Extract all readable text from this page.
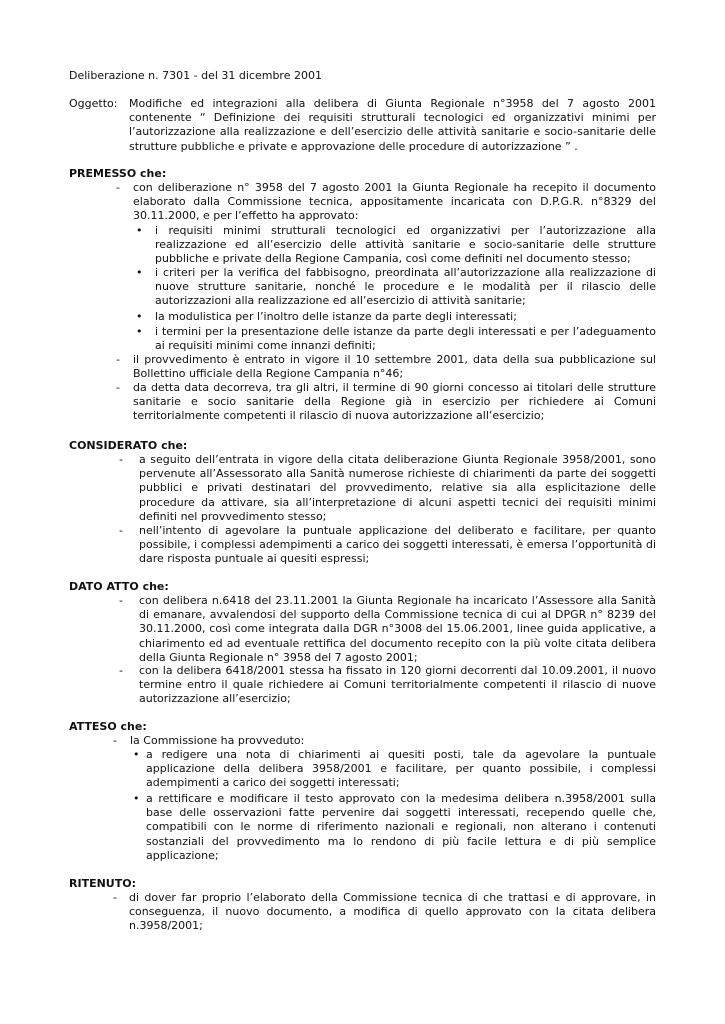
Deliberazione n. 7301 - del 31 dicembre 2001
Oggetto: Modifiche ed integrazioni alla delibera di Giunta Regionale n°3958 del 7 agosto 2001 contenente “ Definizione dei requisiti strutturali tecnologici ed organizzativi minimi per l’autorizzazione alla realizzazione e dell’esercizio delle attività sanitarie e socio-sanitarie delle strutture pubbliche e private e approvazione delle procedure di autorizzazione ” .
PREMESSO che:
- con deliberazione n° 3958 del 7 agosto 2001 la Giunta Regionale ha recepito il documento elaborato dalla Commissione tecnica, appositamente incaricata con D.P.G.R. n°8329 del 30.11.2000, e per l’effetto ha approvato:
• i requisiti minimi strutturali tecnologici ed organizzativi per l’autorizzazione alla realizzazione ed all’esercizio delle attività sanitarie e socio-sanitarie delle strutture pubbliche e private della Regione Campania, così come definiti nel documento stesso;
• i criteri per la verifica del fabbisogno, preordinata all’autorizzazione alla realizzazione di nuove strutture sanitarie, nonché le procedure e le modalità per il rilascio delle autorizzazioni alla realizzazione ed all’esercizio di attività sanitarie;
• la modulistica per l’inoltro delle istanze da parte degli interessati;
• i termini per la presentazione delle istanze da parte degli interessati e per l’adeguamento ai requisiti minimi come innanzi definiti;
- il provvedimento è entrato in vigore il 10 settembre 2001, data della sua pubblicazione sul Bollettino ufficiale della Regione Campania n°46;
- da detta data decorreva, tra gli altri, il termine di 90 giorni concesso ai titolari delle strutture sanitarie e socio sanitarie della Regione già in esercizio per richiedere ai Comuni territorialmente competenti il rilascio di nuova autorizzazione all’esercizio;
CONSIDERATO che:
- a seguito dell’entrata in vigore della citata deliberazione Giunta Regionale 3958/2001, sono pervenute all’Assessorato alla Sanità numerose richieste di chiarimenti da parte dei soggetti pubblici e privati destinatari del provvedimento, relative sia alla esplicitazione delle procedure da attivare, sia all’interpretazione di alcuni aspetti tecnici dei requisiti minimi definiti nel provvedimento stesso;
- nell’intento di agevolare la puntuale applicazione del deliberato e facilitare, per quanto possibile, i complessi adempimenti a carico dei soggetti interessati, è emersa l’opportunità di dare risposta puntuale ai quesiti espressi;
DATO ATTO che:
- con delibera n.6418 del 23.11.2001 la Giunta Regionale ha incaricato l’Assessore alla Sanità di emanare, avvalendosi del supporto della Commissione tecnica di cui al DPGR n° 8239 del 30.11.2000, così come integrata dalla DGR n°3008 del 15.06.2001, linee guida applicative, a chiarimento ed ad eventuale rettifica del documento recepito con la più volte citata delibera della Giunta Regionale n° 3958 del 7 agosto 2001;
- con la delibera 6418/2001 stessa ha fissato in 120 giorni decorrenti dal 10.09.2001, il nuovo termine entro il quale richiedere ai Comuni territorialmente competenti il rilascio di nuove autorizzazione all’esercizio;
ATTESO che:
- la Commissione ha provveduto:
• a redigere una nota di chiarimenti ai quesiti posti, tale da agevolare la puntuale applicazione della delibera 3958/2001 e facilitare, per quanto possibile, i complessi adempimenti a carico dei soggetti interessati;
• a rettificare e modificare il testo approvato con la medesima delibera n.3958/2001 sulla base delle osservazioni fatte pervenire dai soggetti interessati, recependo quelle che, compatibili con le norme di riferimento nazionali e regionali, non alterano i contenuti sostanziali del provvedimento ma lo rendono di più facile lettura e di più semplice applicazione;
RITENUTO:
- di dover far proprio l’elaborato della Commissione tecnica di che trattasi e di approvare, in conseguenza, il nuovo documento, a modifica di quello approvato con la citata delibera n.3958/2001;
